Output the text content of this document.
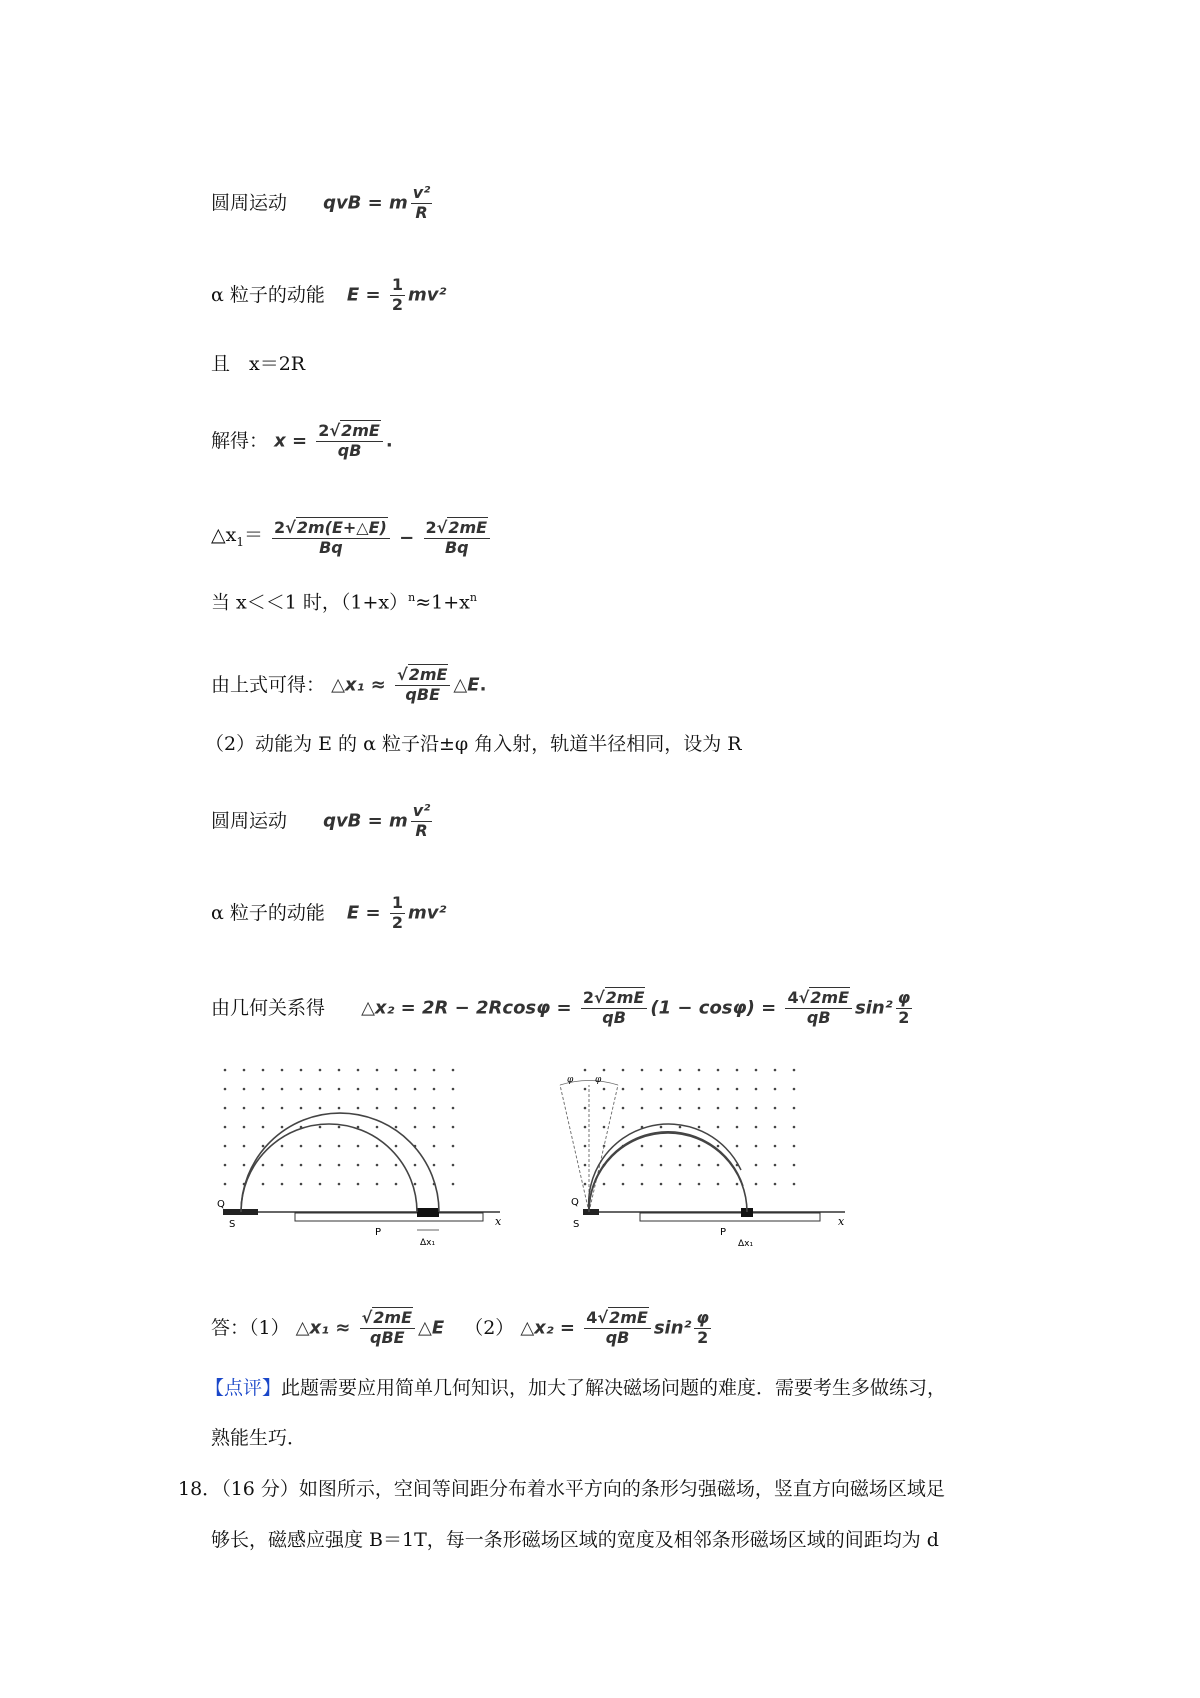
圆周运动 qvB = m $\frac{\text{v²}}{R}$
α 粒子的动能 $E = \frac{1}{2} mv^2$
且　x＝2R
解得： $x = \frac{2√2mE}{qB}$ .
$\triangle x_1= \frac{2√2m(E+\triangle E)}{Bq} - \frac{2√2mE}{Bq}$
当 x＜＜1 时，$(1+x)^n\approx 1+x^n$
由上式可得： △x₁ ≈ $\frac{√2mE}{\text{qBE}}$ △E.
（2）动能为 E 的 α 粒子沿±φ 角入射，轨道半径相同，设为 R
圆周运动 qvB = m $\frac{\text{v²}}{R}$
α 粒子的动能 $E = \frac{1}{2} mv^2$
由几何关系得 △x₂ = $2R - 2Rcos\varphi = \frac{2√2mE}{qB} (1 - \cos\varphi) = \frac{4√2mE}{qB} \sin^2 \frac{\varphi}{2}$
Q
S
P
Δx₁
x
φ φ
Q
S
P
Δx₁
x
答：（1） △x₁ ≈ $\frac{√2mE}{\text{qBE}}$ △E （2） △x₂ = $\frac{4√2mE}{qB} \sin^2 \frac{\varphi}{2}$
【点评】此题需要应用简单几何知识，加大了解决磁场问题的难度．需要考生多做练习，
熟能生巧．
18．（16 分）如图所示，空间等间距分布着水平方向的条形匀强磁场，竖直方向磁场区域足
够长，磁感应强度 B＝1T，每一条形磁场区域的宽度及相邻条形磁场区域的间距均为 d
